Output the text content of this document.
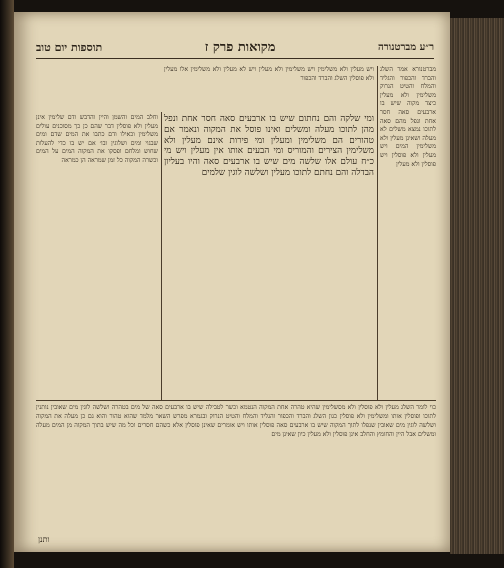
ר״ע מברטנורה
מקואות פרק ז
תוספות יום טוב
מברטנורא אמר השלג והברד והכפור והגליד והמלח והטיט הנרוק משלימין ולא מעלין כיצד מקוה שיש בו ארבעים סאה חסר אחת ונפל מהם סאה לתוכו נמצא משלים לא מעלה ושאינן מעלין ולא משלימין המים ויש מעלין ולא פוסלין ויש פוסלין ולא מעלין
ויש מעלין ולא משלימין ויש משלימין ולא מעלין ויש לא מעלין ולא משלימין אלו מעלין ולא פוסלין השלג והברד והכפור
ומי שלקה והם נחתום שיש בו ארבעים סאה חסר אחת ונפל מהן לתוכו מעלה ומשלים ואינו פוסל את המקוה ונאמר אם טהורים הם משלימין ומעלין ומי פירות אינם מעלין ולא משלימין הצירים והמוריס ומי הבעים אותו אין מעלין ויש מי כ״ח עולם אלו שלשה מים שיש בו ארבעים סאה והיו בעליון הבדלה והם נחתם לתוכו מעלין ושלשה לוגין שלמים
וחלב המים והשמן והיין והדבש ודם שלימין אינן מעלין ולא פוסלין דבר שהם כן כך מסוכנים עולים משלימין וכאילו ודם כתבו את המים שדם ומים שבגוי ומים ושלוגין ובו׳ אם יש בו כדי להעלות שחוש ומלחם ופסקו את המקוה המים על המים וכשרה המקוה כל זמן שמראה הן כמראה
כוי לומר השלג מעלין ולא פוסלין ולא מסשלימין שהיא טהרה אחת המקוה הנטמא וכשר לטבילה שיש בו ארבעים סאה של מים בטהרה ושלשה לוגין מים שאובין נותנין לתוכו ופוסלין אותו ומשלימין ולא פוסלין כגון השלג והברד והכפור והגליד והמלח והטיט הנרוק ובגמרא מפרש השאר מלמד שהוא טהור והוא גם כן מעלה את המקוה ושלשה לוגין מים שאובין שנפלו לתוך המקוה שיש בו ארבעים סאה פוסלין אותו ויש אומרים שאינן פוסלין אלא כשהם חסרים וכל מה שיש בתוך המקוה מן המים מעלה ומשלים אבל היין והחומץ והחלב אינן פוסלין ולא מעלין כיון שאינן מים
ותנן
